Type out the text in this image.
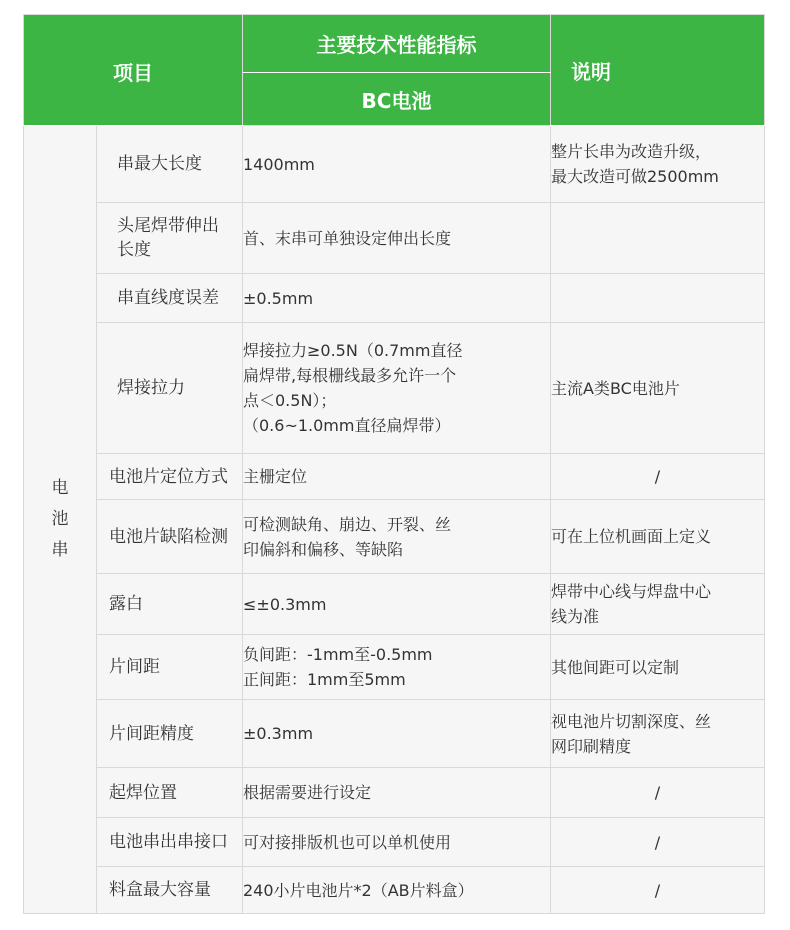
项目		主要技术性能指标	说明
		BC电池	
电
池
串	串最大长度	1400mm	整片长串为改造升级，
最大改造可做2500mm
	头尾焊带伸出
长度	首、末串可单独设定伸出长度	
	串直线度误差	±0.5mm	
	焊接拉力	焊接拉力≥0.5N（0.7mm直径
扁焊带,每根栅线最多允许一个
点＜0.5N）；
（0.6~1.0mm直径扁焊带）	主流A类BC电池片
	电池片定位方式	主栅定位	/
	电池片缺陷检测	可检测缺角、崩边、开裂、丝
印偏斜和偏移、等缺陷	可在上位机画面上定义
	露白	≤±0.3mm	焊带中心线与焊盘中心
线为准
	片间距	负间距：-1mm至-0.5mm
正间距：1mm至5mm	其他间距可以定制
	片间距精度	±0.3mm	视电池片切割深度、丝
网印刷精度
	起焊位置	根据需要进行设定	/
	电池串出串接口	可对接排版机也可以单机使用	/
	料盒最大容量	240小片电池片*2（AB片料盒）	/
